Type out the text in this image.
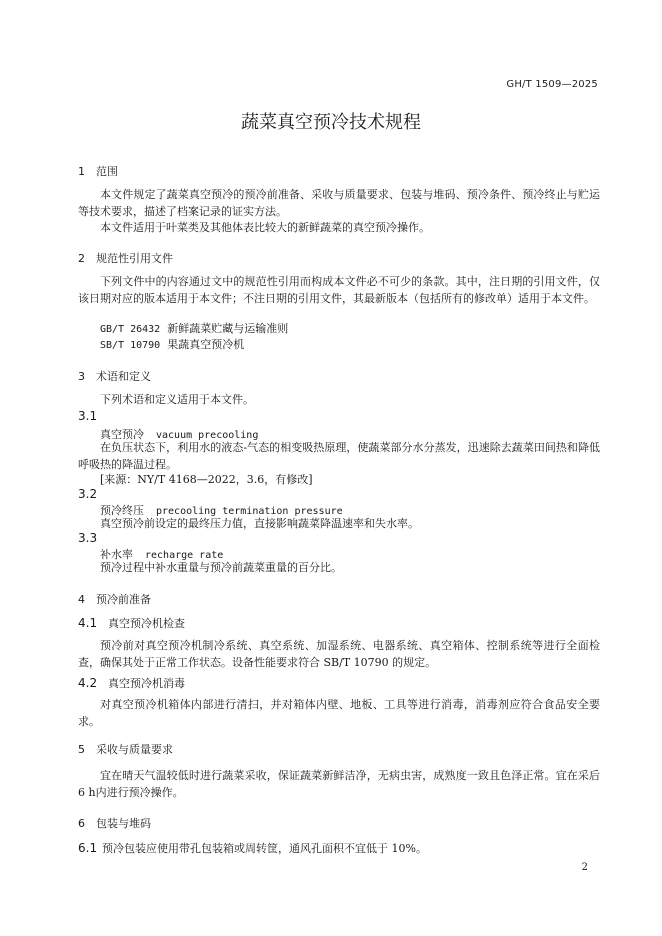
GH/T 1509—2025
蔬菜真空预冷技术规程
1 范围

本文件规定了蔬菜真空预冷的预冷前准备、采收与质量要求、包装与堆码、预冷条件、预冷终止与贮运等技术要求，描述了档案记录的证实方法。

本文件适用于叶菜类及其他体表比较大的新鲜蔬菜的真空预冷操作。

2 规范性引用文件

下列文件中的内容通过文中的规范性引用而构成本文件必不可少的条款。其中，注日期的引用文件，仅该日期对应的版本适用于本文件；不注日期的引用文件，其最新版本（包括所有的修改单）适用于本文件。

GB/T 26432 新鲜蔬菜贮藏与运输准则
SB/T 10790 果蔬真空预冷机
3 术语和定义

下列术语和定义适用于本文件。

3.1
真空预冷 vacuum precooling

在负压状态下，利用水的液态-气态的相变吸热原理，使蔬菜部分水分蒸发，迅速除去蔬菜田间热和降低呼吸热的降温过程。

[来源：NY/T 4168—2022，3.6，有修改]
3.2
预冷终压 precooling termination pressure

真空预冷前设定的最终压力值，直接影响蔬菜降温速率和失水率。

3.3
补水率 recharge rate

预冷过程中补水重量与预冷前蔬菜重量的百分比。

4 预冷前准备
4.1 真空预冷机检查

预冷前对真空预冷机制冷系统、真空系统、加湿系统、电器系统、真空箱体、控制系统等进行全面检查，确保其处于正常工作状态。设备性能要求符合 SB/T 10790 的规定。

4.2 真空预冷机消毒

对真空预冷机箱体内部进行清扫，并对箱体内壁、地板、工具等进行消毒，消毒剂应符合食品安全要求。

5 采收与质量要求

宜在晴天气温较低时进行蔬菜采收，保证蔬菜新鲜洁净，无病虫害，成熟度一致且色泽正常。宜在采后6 h内进行预冷操作。

6 包装与堆码
6.1 预冷包装应使用带孔包装箱或周转筐，通风孔面积不宜低于 10%。
2
